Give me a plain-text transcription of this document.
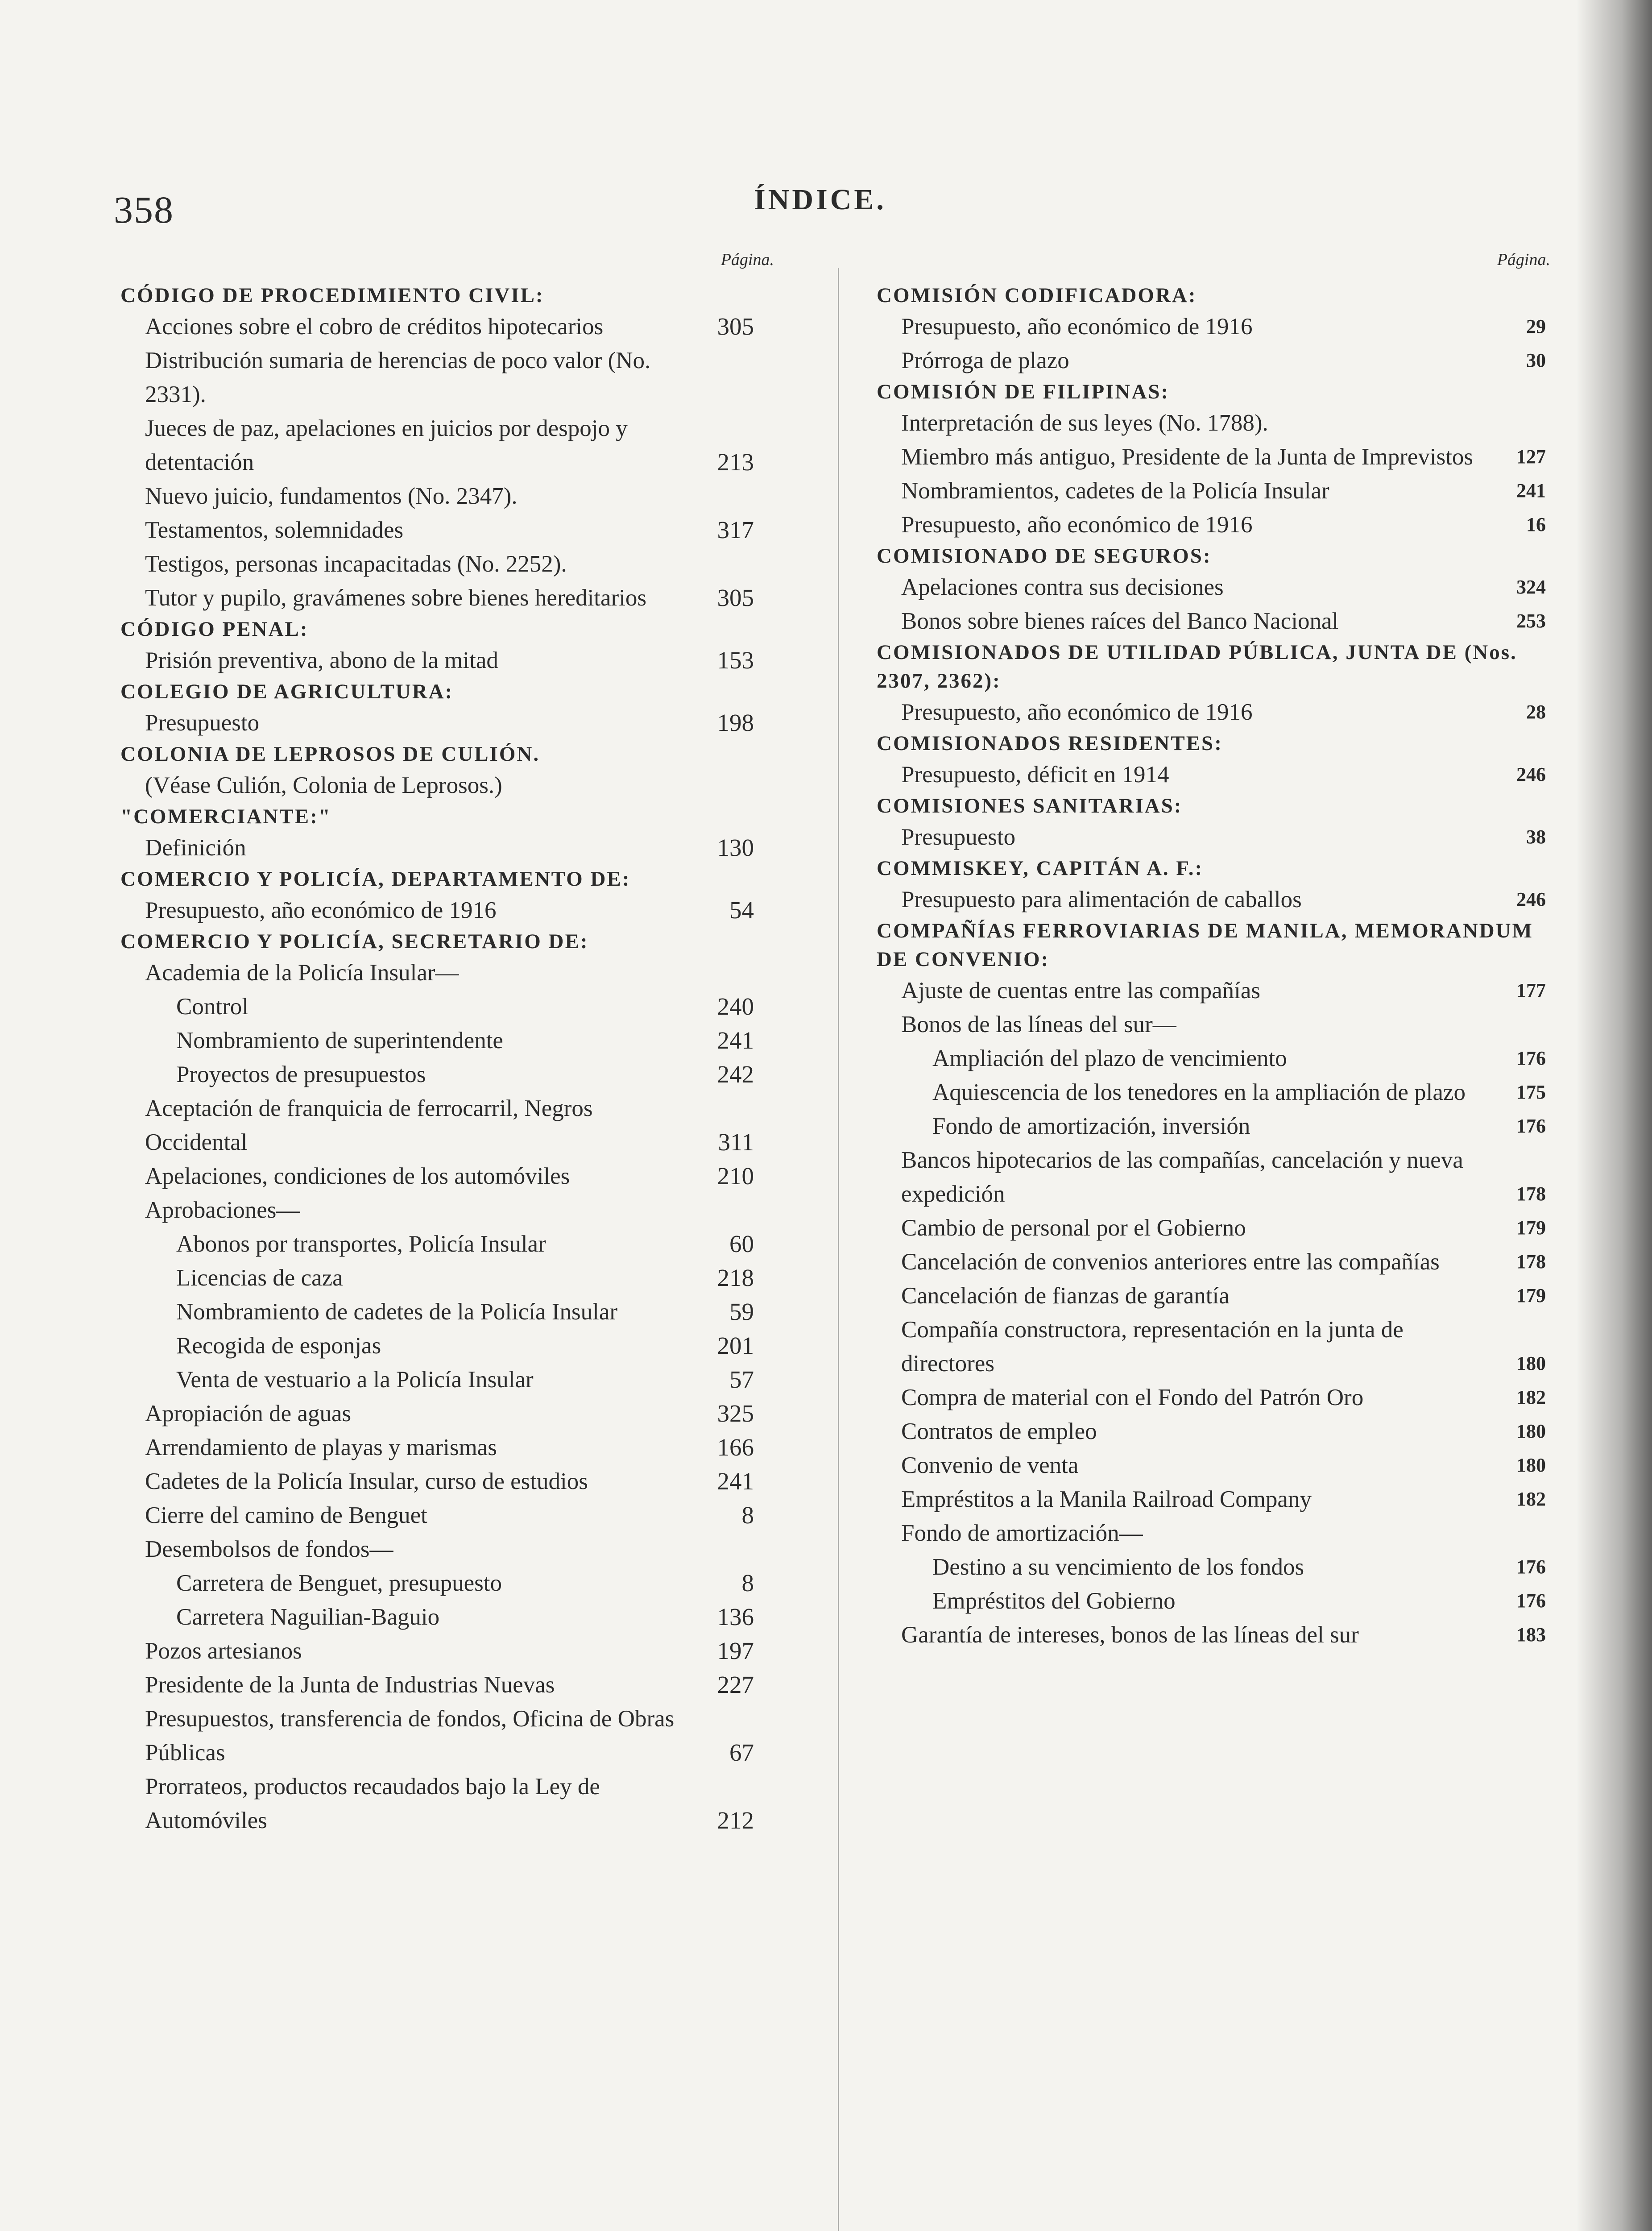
358	ÍNDICE.
Página.
CÓDIGO DE PROCEDIMIENTO CIVIL:
Acciones sobre el cobro de créditos hipotecarios	305
Distribución sumaria de herencias de poco valor (No. 2331).
Jueces de paz, apelaciones en juicios por despojo y detentación	213
Nuevo juicio, fundamentos (No. 2347).
Testamentos, solemnidades	317
Testigos, personas incapacitadas (No. 2252).
Tutor y pupilo, gravámenes sobre bienes hereditarios	305
CÓDIGO PENAL:
Prisión preventiva, abono de la mitad	153
COLEGIO DE AGRICULTURA:
Presupuesto	198
COLONIA DE LEPROSOS DE CULIÓN.
(Véase Culión, Colonia de Leprosos.)
"COMERCIANTE:"
Definición	130
COMERCIO Y POLICÍA, DEPARTAMENTO DE:
Presupuesto, año económico de 1916	54
COMERCIO Y POLICÍA, SECRETARIO DE:
Academia de la Policía Insular—
Control	240
Nombramiento de superintendente	241
Proyectos de presupuestos	242
Aceptación de franquicia de ferrocarril, Negros Occidental	311
Apelaciones, condiciones de los automóviles	210
Aprobaciones—
Abonos por transportes, Policía Insular	60
Licencias de caza	218
Nombramiento de cadetes de la Policía Insular	59
Recogida de esponjas	201
Venta de vestuario a la Policía Insular	57
Apropiación de aguas	325
Arrendamiento de playas y marismas	166
Cadetes de la Policía Insular, curso de estudios	241
Cierre del camino de Benguet	8
Desembolsos de fondos—
Carretera de Benguet, presupuesto	8
Carretera Naguilian-Baguio	136
Pozos artesianos	197
Presidente de la Junta de Industrias Nuevas	227
Presupuestos, transferencia de fondos, Oficina de Obras Públicas	67
Prorrateos, productos recaudados bajo la Ley de Automóviles	212
Página.
COMISIÓN CODIFICADORA:
Presupuesto, año económico de 1916	29
Prórroga de plazo	30
COMISIÓN DE FILIPINAS:
Interpretación de sus leyes (No. 1788).
Miembro más antiguo, Presidente de la Junta de Imprevistos	127
Nombramientos, cadetes de la Policía Insular	241
Presupuesto, año económico de 1916	16
COMISIONADO DE SEGUROS:
Apelaciones contra sus decisiones	324
Bonos sobre bienes raíces del Banco Nacional	253
COMISIONADOS DE UTILIDAD PÚBLICA, JUNTA DE (Nos. 2307, 2362):
Presupuesto, año económico de 1916	28
COMISIONADOS RESIDENTES:
Presupuesto, déficit en 1914	246
COMISIONES SANITARIAS:
Presupuesto	38
COMMISKEY, CAPITÁN A. F.:
Presupuesto para alimentación de caballos	246
COMPAÑÍAS FERROVIARIAS DE MANILA, MEMORANDUM DE CONVENIO:
Ajuste de cuentas entre las compañías	177
Bonos de las líneas del sur—
Ampliación del plazo de vencimiento	176
Aquiescencia de los tenedores en la ampliación de plazo	175
Fondo de amortización, inversión	176
Bancos hipotecarios de las compañías, cancelación y nueva expedición	178
Cambio de personal por el Gobierno	179
Cancelación de convenios anteriores entre las compañías	178
Cancelación de fianzas de garantía	179
Compañía constructora, representación en la junta de directores	180
Compra de material con el Fondo del Patrón Oro	182
Contratos de empleo	180
Convenio de venta	180
Empréstitos a la Manila Railroad Company	182
Fondo de amortización—
Destino a su vencimiento de los fondos	176
Empréstitos del Gobierno	176
Garantía de intereses, bonos de las líneas del sur	183
